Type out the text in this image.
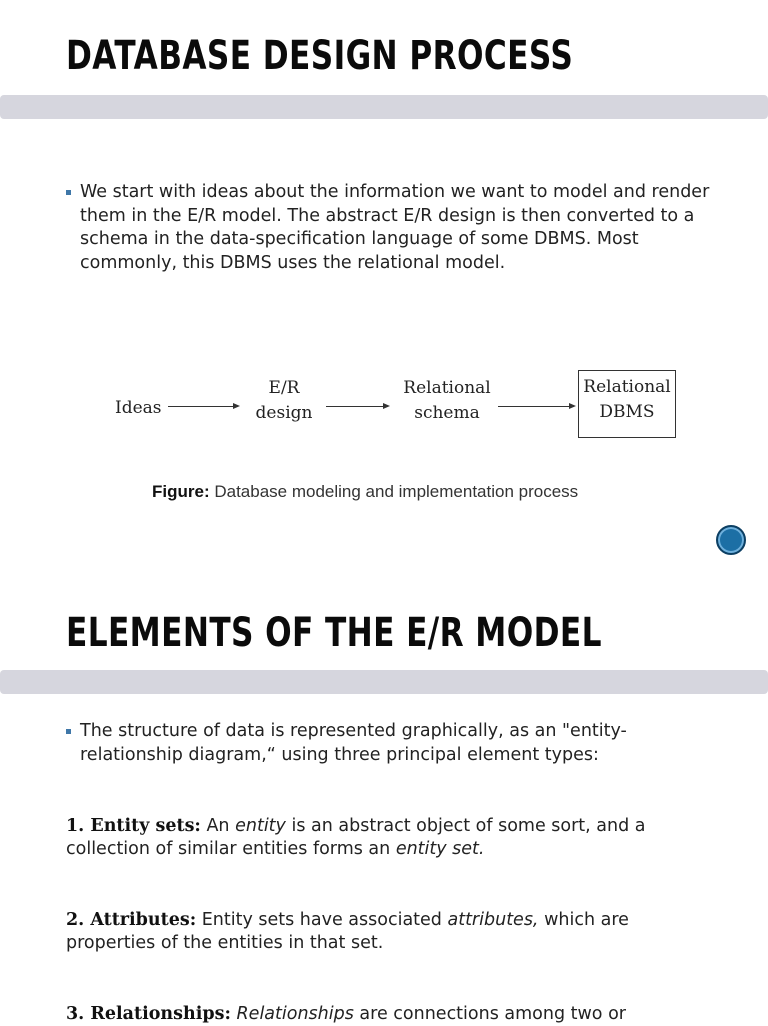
DATABASE DESIGN PROCESS
We start with ideas about the information we want to model and render them in the E/R model. The abstract E/R design is then converted to a schema in the data-specification language of some DBMS. Most commonly, this DBMS uses the relational model.
Ideas
E/R
design
Relational
schema
Relational
DBMS
Figure: Database modeling and implementation process
ELEMENTS OF THE E/R MODEL
The structure of data is represented graphically, as an "entity-relationship diagram,“ using three principal element types:
1. Entity sets: An entity is an abstract object of some sort, and a collection of similar entities forms an entity set.
2. Attributes: Entity sets have associated attributes, which are properties of the entities in that set.
3. Relationships: Relationships are connections among two or
